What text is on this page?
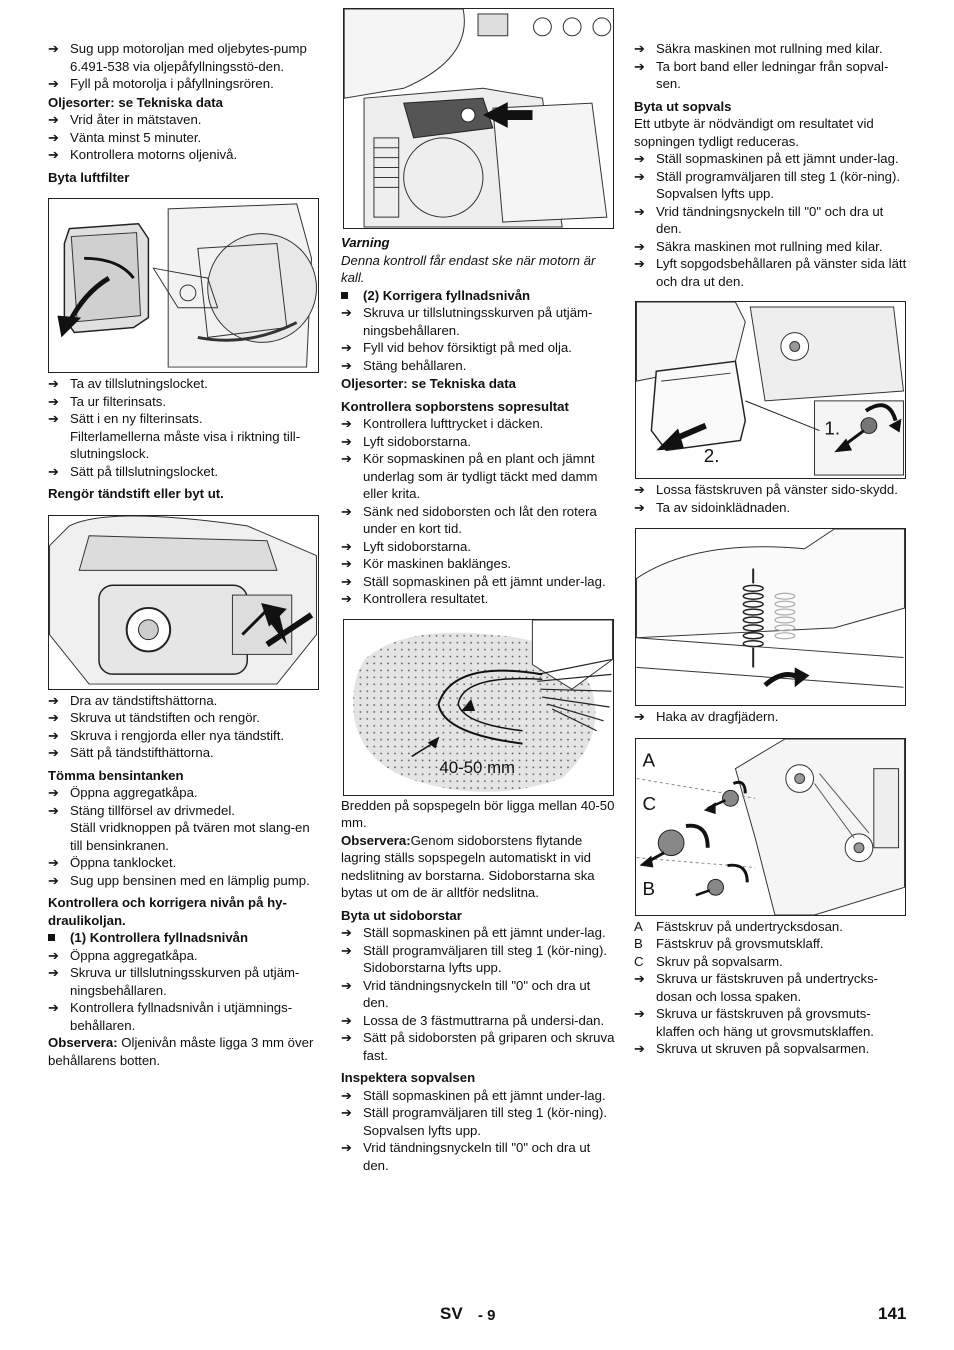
➔ Sug upp motoroljan med oljebytes-pump 6.491-538 via oljepåfyllningsstö-den.
➔ Fyll på motorolja i påfyllningsrören.
Oljesorter: se Tekniska data
➔ Vrid åter in mätstaven.
➔ Vänta minst 5 minuter.
➔ Kontrollera motorns oljenivå.
Byta luftfilter
➔ Ta av tillslutningslocket.
➔ Ta ur filterinsats.
➔ Sätt i en ny filterinsats.
Filterlamellerna måste visa i riktning till-slutningslock.
➔ Sätt på tillslutningslocket.
Rengör tändstift eller byt ut.
➔ Dra av tändstiftshättorna.
➔ Skruva ut tändstiften och rengör.
➔ Skruva i rengjorda eller nya tändstift.
➔ Sätt på tändstifthättorna.
Tömma bensintanken
➔ Öppna aggregatkåpa.
➔ Stäng tillförsel av drivmedel.
Ställ vridknoppen på tvären mot slang-en till bensinkranen.
➔ Öppna tanklocket.
➔ Sug upp bensinen med en lämplig pump.
Kontrollera och korrigera nivån på hy-draulikoljan.
(1) Kontrollera fyllnadsnivån
➔ Öppna aggregatkåpa.
➔ Skruva ur tillslutningsskurven på utjäm-ningsbehållaren.
➔ Kontrollera fyllnadsnivån i utjämnings-behållaren.
Observera: Oljenivån måste ligga 3 mm över behållarens botten.
Varning
Denna kontroll får endast ske när motorn är kall.
(2) Korrigera fyllnadsnivån
➔ Skruva ur tillslutningsskurven på utjäm-ningsbehållaren.
➔ Fyll vid behov försiktigt på med olja.
➔ Stäng behållaren.
Oljesorter: se Tekniska data
Kontrollera sopborstens sopresultat
➔ Kontrollera lufttrycket i däcken.
➔ Lyft sidoborstarna.
➔ Kör sopmaskinen på en plant och jämnt underlag som är tydligt täckt med damm eller krita.
➔ Sänk ned sidoborsten och låt den rotera under en kort tid.
➔ Lyft sidoborstarna.
➔ Kör maskinen baklänges.
➔ Ställ sopmaskinen på ett jämnt under-lag.
➔ Kontrollera resultatet.
40-50 mm
Bredden på sopspegeln bör ligga mellan 40-50 mm.
Observera:Genom sidoborstens flytande lagring ställs sopspegeln automatiskt in vid nedslitning av borstarna. Sidoborstarna ska bytas ut om de är alltför nedslitna.
Byta ut sidoborstar
➔ Ställ sopmaskinen på ett jämnt under-lag.
➔ Ställ programväljaren till steg 1 (kör-ning). Sidoborstarna lyfts upp.
➔ Vrid tändningsnyckeln till "0" och dra ut den.
➔ Lossa de 3 fästmuttrarna på undersi-dan.
➔ Sätt på sidoborsten på griparen och skruva fast.
Inspektera sopvalsen
➔ Ställ sopmaskinen på ett jämnt under-lag.
➔ Ställ programväljaren till steg 1 (kör-ning). Sopvalsen lyfts upp.
➔ Vrid tändningsnyckeln till "0" och dra ut den.
➔ Säkra maskinen mot rullning med kilar.
➔ Ta bort band eller ledningar från sopval-sen.
Byta ut sopvals
Ett utbyte är nödvändigt om resultatet vid sopningen tydligt reduceras.
➔ Ställ sopmaskinen på ett jämnt under-lag.
➔ Ställ programväljaren till steg 1 (kör-ning). Sopvalsen lyfts upp.
➔ Vrid tändningsnyckeln till "0" och dra ut den.
➔ Säkra maskinen mot rullning med kilar.
➔ Lyft sopgodsbehållaren på vänster sida lätt och dra ut den.
1.
2.
➔ Lossa fästskruven på vänster sido-skydd.
➔ Ta av sidoinklädnaden.
➔ Haka av dragfjädern.
A
C
B
A	Fästskruv på undertrycksdosan.
B	Fästskruv på grovsmutsklaff.
C Skruv på sopvalsarm.
➔ Skruva ur fästskruven på undertrycks-dosan och lossa spaken.
➔ Skruva ur fästskruven på grovsmuts-klaffen och häng ut grovsmutsklaffen.
➔ Skruva ut skruven på sopvalsarmen.
SV - 9	141
